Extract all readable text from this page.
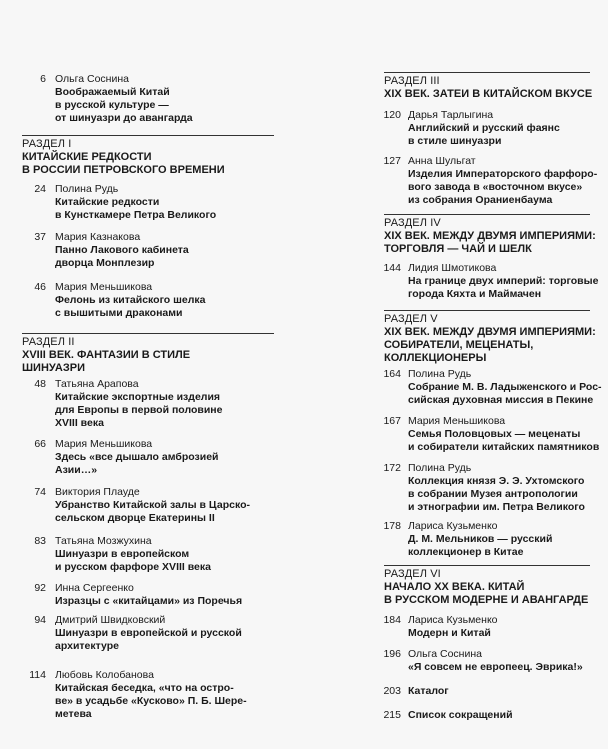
6 Ольга Соснина
Воображаемый Китай
в русской культуре —
от шинуазри до авангарда
РАЗДЕЛ I
КИТАЙСКИЕ РЕДКОСТИ
В РОССИИ ПЕТРОВСКОГО ВРЕМЕНИ
24 Полина Рудь
Китайские редкости
в Кунсткамере Петра Великого
37 Мария Казнакова
Панно Лакового кабинета
дворца Монплезир
46 Мария Меньшикова
Фелонь из китайского шелка
с вышитыми драконами
РАЗДЕЛ II
XVIII ВЕК. ФАНТАЗИИ В СТИЛЕ
ШИНУАЗРИ
48 Татьяна Арапова
Китайские экспортные изделия
для Европы в первой половине
XVIII века
66 Мария Меньшикова
Здесь «все дышало амброзией
Азии…»
74 Виктория Плауде
Убранство Китайской залы в Царско-
сельском дворце Екатерины II
83 Татьяна Мозжухина
Шинуазри в европейском
и русском фарфоре XVIII века
92 Инна Сергеенко
Изразцы с «китайцами» из Поречья
94 Дмитрий Швидковский
Шинуазри в европейской и русской
архитектуре
114 Любовь Колобанова
Китайская беседка, «что на остро-
ве» в усадьбе «Кусково» П. Б. Шере-
метева
РАЗДЕЛ III
XIX ВЕК. ЗАТЕИ В КИТАЙСКОМ ВКУСЕ
120 Дарья Тарлыгина
Английский и русский фаянс
в стиле шинуазри
127 Анна Шульгат
Изделия Императорского фарфоро-
вого завода в «восточном вкусе»
из собрания Ораниенбаума
РАЗДЕЛ IV
XIX ВЕК. МЕЖДУ ДВУМЯ ИМПЕРИЯМИ:
ТОРГОВЛЯ — ЧАЙ И ШЕЛК
144 Лидия Шмотикова
На границе двух империй: торговые
города Кяхта и Маймачен
РАЗДЕЛ V
XIX ВЕК. МЕЖДУ ДВУМЯ ИМПЕРИЯМИ:
СОБИРАТЕЛИ, МЕЦЕНАТЫ,
КОЛЛЕКЦИОНЕРЫ
164 Полина Рудь
Собрание М. В. Ладыженского и Рос-
сийская духовная миссия в Пекине
167 Мария Меньшикова
Семья Половцовых — меценаты
и собиратели китайских памятников
172 Полина Рудь
Коллекция князя Э. Э. Ухтомского
в собрании Музея антропологии
и этнографии им. Петра Великого
178 Лариса Кузьменко
Д. М. Мельников — русский
коллекционер в Китае
РАЗДЕЛ VI
НАЧАЛО XX ВЕКА. КИТАЙ
В РУССКОМ МОДЕРНЕ И АВАНГАРДЕ
184 Лариса Кузьменко
Модерн и Китай
196 Ольга Соснина
«Я совсем не европеец. Эврика!»
203 Каталог
215 Список сокращений
